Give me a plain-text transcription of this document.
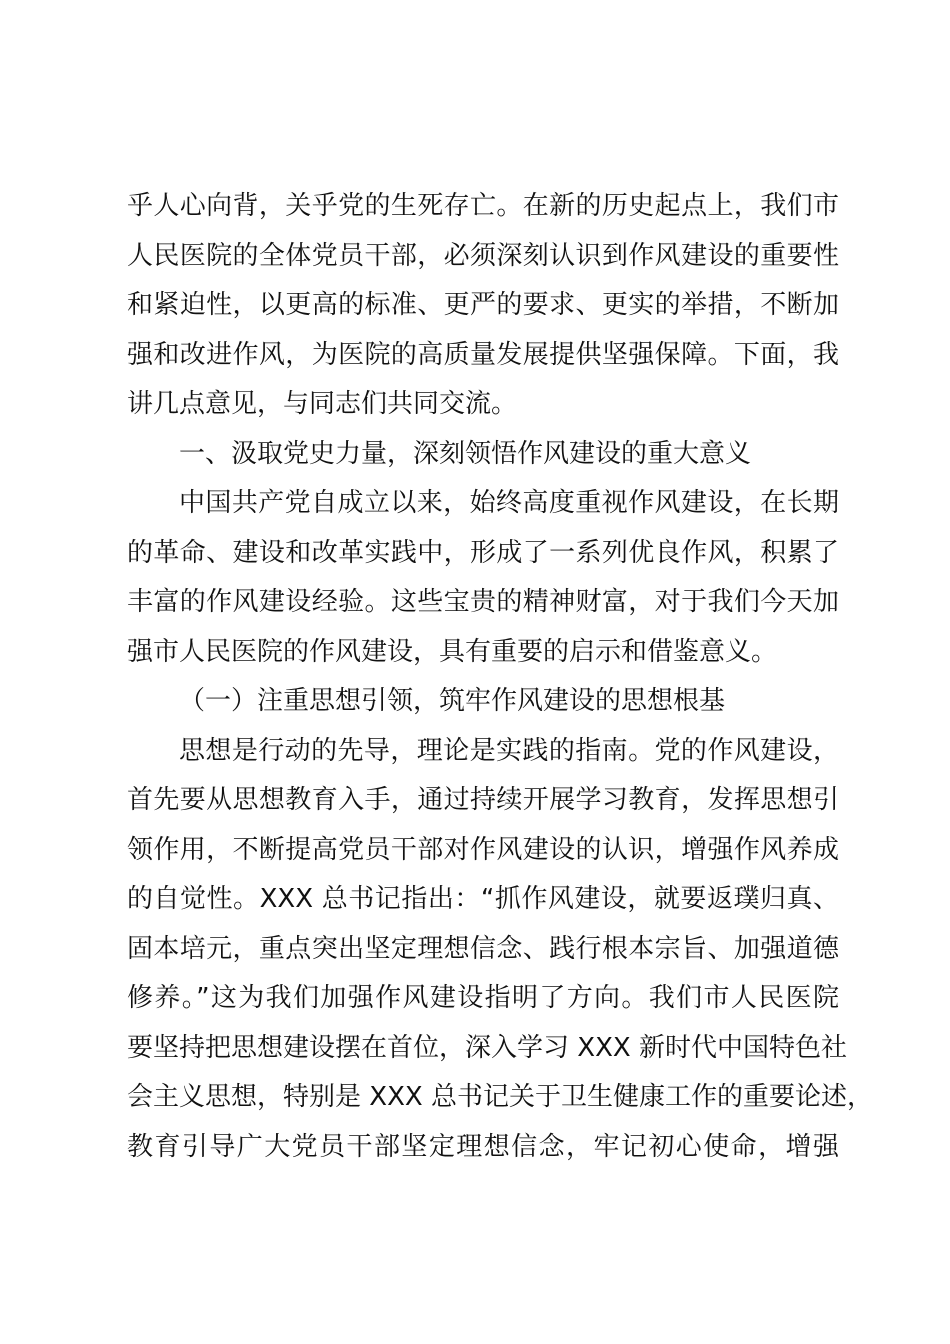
乎人心向背，关乎党的生死存亡。在新的历史起点上，我们市
人民医院的全体党员干部，必须深刻认识到作风建设的重要性
和紧迫性，以更高的标准、更严的要求、更实的举措，不断加
强和改进作风，为医院的高质量发展提供坚强保障。下面，我
讲几点意见，与同志们共同交流。
一、汲取党史力量，深刻领悟作风建设的重大意义
中国共产党自成立以来，始终高度重视作风建设，在长期
的革命、建设和改革实践中，形成了一系列优良作风，积累了
丰富的作风建设经验。这些宝贵的精神财富，对于我们今天加
强市人民医院的作风建设，具有重要的启示和借鉴意义。
（一）注重思想引领，筑牢作风建设的思想根基
思想是行动的先导，理论是实践的指南。党的作风建设，
首先要从思想教育入手，通过持续开展学习教育，发挥思想引
领作用，不断提高党员干部对作风建设的认识，增强作风养成
的自觉性。XXX 总书记指出：“抓作风建设，就要返璞归真、
固本培元，重点突出坚定理想信念、践行根本宗旨、加强道德
修养。”这为我们加强作风建设指明了方向。我们市人民医院
要坚持把思想建设摆在首位，深入学习 XXX 新时代中国特色社
会主义思想，特别是 XXX 总书记关于卫生健康工作的重要论述，
教育引导广大党员干部坚定理想信念，牢记初心使命，增强
